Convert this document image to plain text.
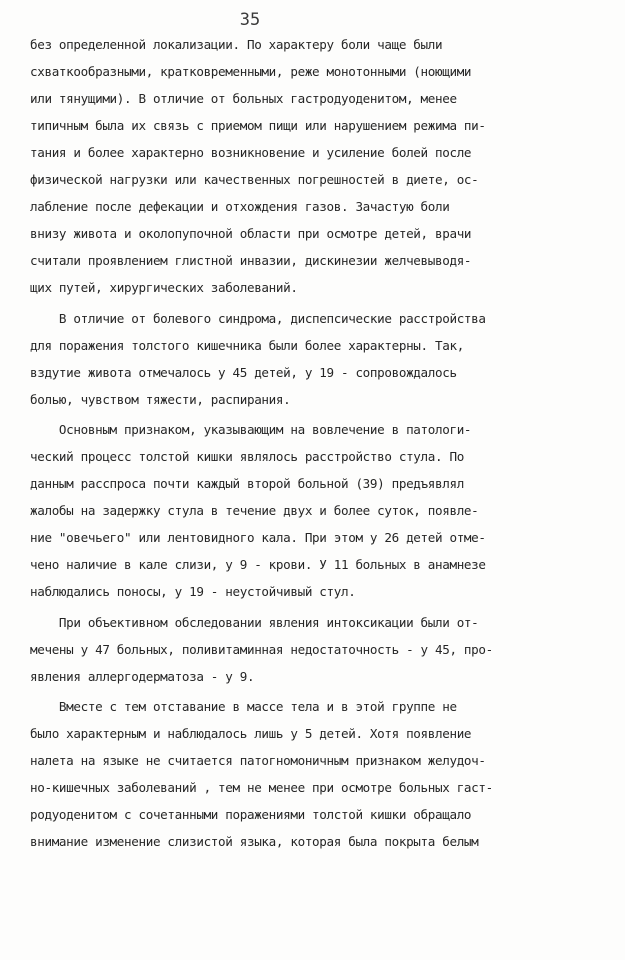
35
без определенной локализации. По характеру боли чаще были
схваткообразными, кратковременными, реже монотонными (ноющими
или тянущими). В отличие от больных гастродуоденитом, менее
типичным была их связь с приемом пищи или нарушением режима пи-
тания и более характерно возникновение и усиление болей после
физической нагрузки или качественных погрешностей в диете, ос-
лабление после дефекации и отхождения газов. Зачастую боли
внизу живота и околопупочной области при осмотре детей, врачи
считали проявлением глистной инвазии, дискинезии желчевыводя-
щих путей, хирургических заболеваний.
В отличие от болевого синдрома, диспепсические расстройства
для поражения толстого кишечника были более характерны. Так,
вздутие живота отмечалось у 45 детей, у 19 - сопровождалось
болью, чувством тяжести, распирания.
Основным признаком, указывающим на вовлечение в патологи-
ческий процесс толстой кишки являлось расстройство стула. По
данным расспроса почти каждый второй больной (39) предъявлял
жалобы на задержку стула в течение двух и более суток, появле-
ние "овечьего" или лентовидного кала. При этом у 26 детей отме-
чено наличие в кале слизи, у 9 - крови. У 11 больных в анамнезе
наблюдались поносы, у 19 - неустойчивый стул.
При объективном обследовании явления интоксикации были от-
мечены у 47 больных, поливитаминная недостаточность - у 45, про-
явления аллергодерматоза - у 9.
Вместе с тем отставание в массе тела и в этой группе не
было характерным и наблюдалось лишь у 5 детей. Хотя появление
налета на языке не считается патогномоничным признаком желудоч-
но-кишечных заболеваний , тем не менее при осмотре больных гаст-
родуоденитом с сочетанными поражениями толстой кишки обращало
внимание изменение слизистой языка, которая была покрыта белым
